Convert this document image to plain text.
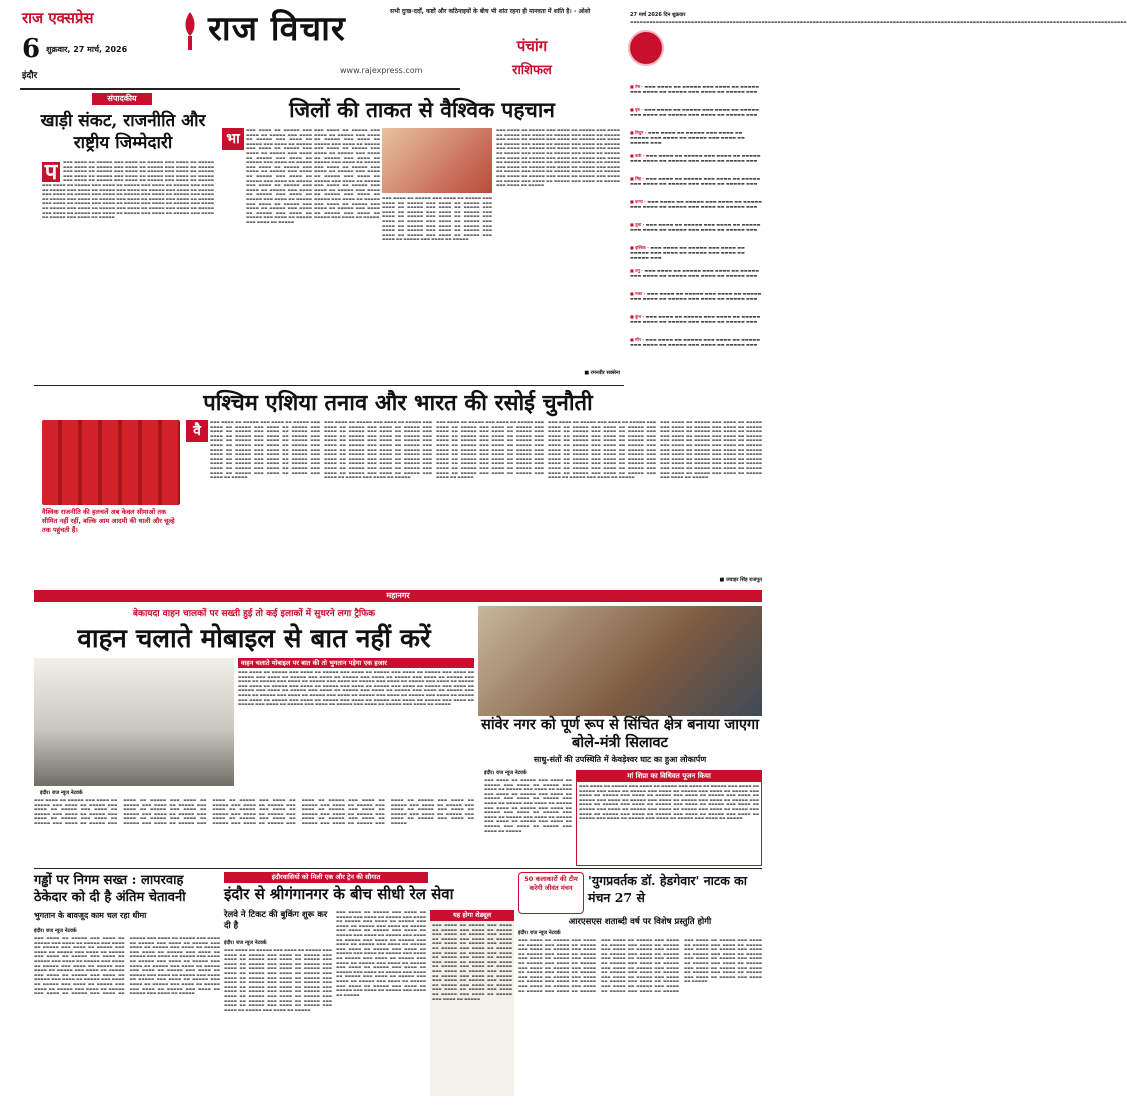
राज एक्सप्रेस
6 शुक्रवार, 27 मार्च, 2026
इंदौर
राज विचार
www.rajexpress.com
सभी दुःख-दर्दों, कष्टों और कठिनाइयों के बीच भी शांत रहना ही मानवता में शांति है। - ओशो
पंचांग
राशिफल
27 मार्च 2026 दिन शुक्रवार
▬▬▬▬▬▬▬▬▬▬▬▬▬▬▬▬▬▬▬▬▬▬▬▬▬▬▬▬▬▬▬▬▬▬▬▬▬▬▬▬▬▬▬▬▬▬▬▬▬▬▬▬▬▬▬▬▬▬▬▬▬▬▬▬▬▬▬▬▬▬▬▬▬▬▬▬▬▬▬▬▬▬▬▬▬▬▬▬▬▬▬▬▬▬▬▬▬▬▬▬▬▬▬▬▬▬▬▬▬▬▬▬▬▬▬▬▬▬▬▬▬▬▬▬▬▬▬▬▬▬▬▬▬▬▬▬▬▬▬▬▬▬▬▬▬▬▬▬▬▬▬▬▬▬▬
■ मेष - ▬▬▬ ▬▬▬▬ ▬▬ ▬▬▬▬▬ ▬▬▬ ▬▬▬▬ ▬▬ ▬▬▬▬▬ ▬▬▬ ▬▬▬▬ ▬▬ ▬▬▬▬▬ ▬▬▬ ▬▬▬▬ ▬▬ ▬▬▬▬▬ ▬▬▬
■ वृष - ▬▬▬ ▬▬▬▬ ▬▬ ▬▬▬▬▬ ▬▬▬ ▬▬▬▬ ▬▬ ▬▬▬▬▬ ▬▬▬ ▬▬▬▬ ▬▬ ▬▬▬▬▬ ▬▬▬ ▬▬▬▬ ▬▬ ▬▬▬▬▬ ▬▬▬
■ मिथुन - ▬▬▬ ▬▬▬▬ ▬▬ ▬▬▬▬▬ ▬▬▬ ▬▬▬▬ ▬▬ ▬▬▬▬▬ ▬▬▬ ▬▬▬▬ ▬▬ ▬▬▬▬▬ ▬▬▬ ▬▬▬▬ ▬▬ ▬▬▬▬▬ ▬▬▬
■ कर्क - ▬▬▬ ▬▬▬▬ ▬▬ ▬▬▬▬▬ ▬▬▬ ▬▬▬▬ ▬▬ ▬▬▬▬▬ ▬▬▬ ▬▬▬▬ ▬▬ ▬▬▬▬▬ ▬▬▬ ▬▬▬▬ ▬▬ ▬▬▬▬▬ ▬▬▬
■ सिंह - ▬▬▬ ▬▬▬▬ ▬▬ ▬▬▬▬▬ ▬▬▬ ▬▬▬▬ ▬▬ ▬▬▬▬▬ ▬▬▬ ▬▬▬▬ ▬▬ ▬▬▬▬▬ ▬▬▬ ▬▬▬▬ ▬▬ ▬▬▬▬▬ ▬▬▬
■ कन्या - ▬▬▬ ▬▬▬▬ ▬▬ ▬▬▬▬▬ ▬▬▬ ▬▬▬▬ ▬▬ ▬▬▬▬▬ ▬▬▬ ▬▬▬▬ ▬▬ ▬▬▬▬▬ ▬▬▬ ▬▬▬▬ ▬▬ ▬▬▬▬▬ ▬▬▬
■ तुला - ▬▬▬ ▬▬▬▬ ▬▬ ▬▬▬▬▬ ▬▬▬ ▬▬▬▬ ▬▬ ▬▬▬▬▬ ▬▬▬ ▬▬▬▬ ▬▬ ▬▬▬▬▬ ▬▬▬ ▬▬▬▬ ▬▬ ▬▬▬▬▬ ▬▬▬
■ वृश्चिक - ▬▬▬ ▬▬▬▬ ▬▬ ▬▬▬▬▬ ▬▬▬ ▬▬▬▬ ▬▬ ▬▬▬▬▬ ▬▬▬ ▬▬▬▬ ▬▬ ▬▬▬▬▬ ▬▬▬ ▬▬▬▬ ▬▬ ▬▬▬▬▬ ▬▬▬
■ धनु - ▬▬▬ ▬▬▬▬ ▬▬ ▬▬▬▬▬ ▬▬▬ ▬▬▬▬ ▬▬ ▬▬▬▬▬ ▬▬▬ ▬▬▬▬ ▬▬ ▬▬▬▬▬ ▬▬▬ ▬▬▬▬ ▬▬ ▬▬▬▬▬ ▬▬▬
■ मकर - ▬▬▬ ▬▬▬▬ ▬▬ ▬▬▬▬▬ ▬▬▬ ▬▬▬▬ ▬▬ ▬▬▬▬▬ ▬▬▬ ▬▬▬▬ ▬▬ ▬▬▬▬▬ ▬▬▬ ▬▬▬▬ ▬▬ ▬▬▬▬▬ ▬▬▬
■ कुंभ - ▬▬▬ ▬▬▬▬ ▬▬ ▬▬▬▬▬ ▬▬▬ ▬▬▬▬ ▬▬ ▬▬▬▬▬ ▬▬▬ ▬▬▬▬ ▬▬ ▬▬▬▬▬ ▬▬▬ ▬▬▬▬ ▬▬ ▬▬▬▬▬ ▬▬▬
■ मीन - ▬▬▬ ▬▬▬▬ ▬▬ ▬▬▬▬▬ ▬▬▬ ▬▬▬▬ ▬▬ ▬▬▬▬▬ ▬▬▬ ▬▬▬▬ ▬▬ ▬▬▬▬▬ ▬▬▬ ▬▬▬▬ ▬▬ ▬▬▬▬▬ ▬▬▬
संपादकीय
खाड़ी संकट, राजनीति और राष्ट्रीय जिम्मेदारी
प	▬▬▬ ▬▬▬▬ ▬▬ ▬▬▬▬▬ ▬▬▬ ▬▬▬▬ ▬▬ ▬▬▬▬▬ ▬▬▬ ▬▬▬▬ ▬▬ ▬▬▬▬▬ ▬▬▬ ▬▬▬▬ ▬▬ ▬▬▬▬▬ ▬▬▬ ▬▬▬▬ ▬▬ ▬▬▬▬▬ ▬▬▬ ▬▬▬▬ ▬▬ ▬▬▬▬▬ ▬▬▬ ▬▬▬▬ ▬▬ ▬▬▬▬▬ ▬▬▬ ▬▬▬▬ ▬▬ ▬▬▬▬▬ ▬▬▬ ▬▬▬▬ ▬▬ ▬▬▬▬▬ ▬▬▬ ▬▬▬▬ ▬▬ ▬▬▬▬▬ ▬▬▬ ▬▬▬▬ ▬▬ ▬▬▬▬▬ ▬▬▬ ▬▬▬▬ ▬▬ ▬▬▬▬▬ ▬▬▬ ▬▬▬▬ ▬▬ ▬▬▬▬▬ ▬▬▬ ▬▬▬▬ ▬▬ ▬▬▬▬▬ ▬▬▬ ▬▬▬▬ ▬▬ ▬▬▬▬▬ ▬▬▬ ▬▬▬▬ ▬▬ ▬▬▬▬▬ ▬▬▬ ▬▬▬▬ ▬▬ ▬▬▬▬▬ ▬▬▬ ▬▬▬▬ ▬▬ ▬▬▬▬▬ ▬▬▬ ▬▬▬▬ ▬▬ ▬▬▬▬▬ ▬▬▬ ▬▬▬▬ ▬▬ ▬▬▬▬▬ ▬▬▬ ▬▬▬▬ ▬▬ ▬▬▬▬▬ ▬▬▬ ▬▬▬▬ ▬▬ ▬▬▬▬▬ ▬▬▬ ▬▬▬▬ ▬▬ ▬▬▬▬▬ ▬▬▬ ▬▬▬▬ ▬▬ ▬▬▬▬▬ ▬▬▬ ▬▬▬▬ ▬▬ ▬▬▬▬▬ ▬▬▬ ▬▬▬▬ ▬▬ ▬▬▬▬▬ ▬▬▬ ▬▬▬▬ ▬▬ ▬▬▬▬▬ ▬▬▬ ▬▬▬▬ ▬▬ ▬▬▬▬▬ ▬▬▬ ▬▬▬▬ ▬▬ ▬▬▬▬▬ ▬▬▬ ▬▬▬▬ ▬▬ ▬▬▬▬▬ ▬▬▬ ▬▬▬▬ ▬▬ ▬▬▬▬▬ ▬▬▬ ▬▬▬▬ ▬▬ ▬▬▬▬▬ ▬▬▬ ▬▬▬▬ ▬▬ ▬▬▬▬▬ ▬▬▬ ▬▬▬▬ ▬▬ ▬▬▬▬▬ ▬▬▬ ▬▬▬▬ ▬▬ ▬▬▬▬▬ ▬▬▬ ▬▬▬▬ ▬▬ ▬▬▬▬▬ ▬▬▬ ▬▬▬▬ ▬▬ ▬▬▬▬▬ ▬▬▬ ▬▬▬▬ ▬▬ ▬▬▬▬▬ ▬▬▬ ▬▬▬▬ ▬▬ ▬▬▬▬▬ ▬▬▬ ▬▬▬▬ ▬▬ ▬▬▬▬▬ ▬▬▬ ▬▬▬▬ ▬▬ ▬▬▬▬▬
जिलों की ताकत से वैश्विक पहचान
भा
▬▬▬ ▬▬▬▬ ▬▬ ▬▬▬▬▬ ▬▬▬ ▬▬▬▬ ▬▬ ▬▬▬▬▬ ▬▬▬ ▬▬▬▬ ▬▬ ▬▬▬▬▬ ▬▬▬ ▬▬▬▬ ▬▬ ▬▬▬▬▬ ▬▬▬ ▬▬▬▬ ▬▬ ▬▬▬▬▬ ▬▬▬ ▬▬▬▬ ▬▬ ▬▬▬▬▬ ▬▬▬ ▬▬▬▬ ▬▬ ▬▬▬▬▬ ▬▬▬ ▬▬▬▬ ▬▬ ▬▬▬▬▬ ▬▬▬ ▬▬▬▬ ▬▬ ▬▬▬▬▬ ▬▬▬ ▬▬▬▬ ▬▬ ▬▬▬▬▬ ▬▬▬ ▬▬▬▬ ▬▬ ▬▬▬▬▬ ▬▬▬ ▬▬▬▬ ▬▬ ▬▬▬▬▬ ▬▬▬ ▬▬▬▬ ▬▬ ▬▬▬▬▬ ▬▬▬ ▬▬▬▬ ▬▬ ▬▬▬▬▬ ▬▬▬ ▬▬▬▬ ▬▬ ▬▬▬▬▬ ▬▬▬ ▬▬▬▬ ▬▬ ▬▬▬▬▬ ▬▬▬ ▬▬▬▬ ▬▬ ▬▬▬▬▬ ▬▬▬ ▬▬▬▬ ▬▬ ▬▬▬▬▬ ▬▬▬ ▬▬▬▬ ▬▬ ▬▬▬▬▬ ▬▬▬ ▬▬▬▬ ▬▬ ▬▬▬▬▬ ▬▬▬ ▬▬▬▬ ▬▬ ▬▬▬▬▬ ▬▬▬ ▬▬▬▬ ▬▬ ▬▬▬▬▬ ▬▬▬ ▬▬▬▬ ▬▬ ▬▬▬▬▬ ▬▬▬ ▬▬▬▬ ▬▬ ▬▬▬▬▬ ▬▬▬ ▬▬▬▬ ▬▬ ▬▬▬▬▬ ▬▬▬ ▬▬▬▬ ▬▬ ▬▬▬▬▬
▬▬▬ ▬▬▬▬ ▬▬ ▬▬▬▬▬ ▬▬▬ ▬▬▬▬ ▬▬ ▬▬▬▬▬ ▬▬▬ ▬▬▬▬ ▬▬ ▬▬▬▬▬ ▬▬▬ ▬▬▬▬ ▬▬ ▬▬▬▬▬ ▬▬▬ ▬▬▬▬ ▬▬ ▬▬▬▬▬ ▬▬▬ ▬▬▬▬ ▬▬ ▬▬▬▬▬ ▬▬▬ ▬▬▬▬ ▬▬ ▬▬▬▬▬ ▬▬▬ ▬▬▬▬ ▬▬ ▬▬▬▬▬ ▬▬▬ ▬▬▬▬ ▬▬ ▬▬▬▬▬ ▬▬▬ ▬▬▬▬ ▬▬ ▬▬▬▬▬ ▬▬▬ ▬▬▬▬ ▬▬ ▬▬▬▬▬ ▬▬▬ ▬▬▬▬ ▬▬ ▬▬▬▬▬ ▬▬▬ ▬▬▬▬ ▬▬ ▬▬▬▬▬ ▬▬▬ ▬▬▬▬ ▬▬ ▬▬▬▬▬ ▬▬▬ ▬▬▬▬ ▬▬ ▬▬▬▬▬ ▬▬▬ ▬▬▬▬ ▬▬ ▬▬▬▬▬ ▬▬▬ ▬▬▬▬ ▬▬ ▬▬▬▬▬ ▬▬▬ ▬▬▬▬ ▬▬ ▬▬▬▬▬ ▬▬▬ ▬▬▬▬ ▬▬ ▬▬▬▬▬ ▬▬▬ ▬▬▬▬ ▬▬ ▬▬▬▬▬ ▬▬▬ ▬▬▬▬ ▬▬ ▬▬▬▬▬ ▬▬▬ ▬▬▬▬ ▬▬ ▬▬▬▬▬ ▬▬▬ ▬▬▬▬ ▬▬ ▬▬▬▬▬ ▬▬▬ ▬▬▬▬ ▬▬ ▬▬▬▬▬ ▬▬▬ ▬▬▬▬ ▬▬ ▬▬▬▬▬
▬▬▬ ▬▬▬▬ ▬▬ ▬▬▬▬▬ ▬▬▬ ▬▬▬▬ ▬▬ ▬▬▬▬▬ ▬▬▬ ▬▬▬▬ ▬▬ ▬▬▬▬▬ ▬▬▬ ▬▬▬▬ ▬▬ ▬▬▬▬▬ ▬▬▬ ▬▬▬▬ ▬▬ ▬▬▬▬▬ ▬▬▬ ▬▬▬▬ ▬▬ ▬▬▬▬▬ ▬▬▬ ▬▬▬▬ ▬▬ ▬▬▬▬▬ ▬▬▬ ▬▬▬▬ ▬▬ ▬▬▬▬▬ ▬▬▬ ▬▬▬▬ ▬▬ ▬▬▬▬▬ ▬▬▬ ▬▬▬▬ ▬▬ ▬▬▬▬▬ ▬▬▬ ▬▬▬▬ ▬▬ ▬▬▬▬▬ ▬▬▬ ▬▬▬▬ ▬▬ ▬▬▬▬▬ ▬▬▬ ▬▬▬▬ ▬▬ ▬▬▬▬▬ ▬▬▬ ▬▬▬▬ ▬▬ ▬▬▬▬▬ ▬▬▬ ▬▬▬▬ ▬▬ ▬▬▬▬▬ ▬▬▬ ▬▬▬▬ ▬▬ ▬▬▬▬▬ ▬▬▬ ▬▬▬▬ ▬▬ ▬▬▬▬▬ ▬▬▬ ▬▬▬▬ ▬▬ ▬▬▬▬▬ ▬▬▬ ▬▬▬▬ ▬▬ ▬▬▬▬▬ ▬▬▬ ▬▬▬▬ ▬▬ ▬▬▬▬▬
▬▬▬ ▬▬▬▬ ▬▬ ▬▬▬▬▬ ▬▬▬ ▬▬▬▬ ▬▬ ▬▬▬▬▬ ▬▬▬ ▬▬▬▬ ▬▬ ▬▬▬▬▬ ▬▬▬ ▬▬▬▬ ▬▬ ▬▬▬▬▬ ▬▬▬ ▬▬▬▬ ▬▬ ▬▬▬▬▬ ▬▬▬ ▬▬▬▬ ▬▬ ▬▬▬▬▬ ▬▬▬ ▬▬▬▬ ▬▬ ▬▬▬▬▬ ▬▬▬ ▬▬▬▬ ▬▬ ▬▬▬▬▬ ▬▬▬ ▬▬▬▬ ▬▬ ▬▬▬▬▬ ▬▬▬ ▬▬▬▬ ▬▬ ▬▬▬▬▬ ▬▬▬ ▬▬▬▬ ▬▬ ▬▬▬▬▬ ▬▬▬ ▬▬▬▬ ▬▬ ▬▬▬▬▬ ▬▬▬ ▬▬▬▬ ▬▬ ▬▬▬▬▬ ▬▬▬ ▬▬▬▬ ▬▬ ▬▬▬▬▬ ▬▬▬ ▬▬▬▬ ▬▬ ▬▬▬▬▬ ▬▬▬ ▬▬▬▬ ▬▬ ▬▬▬▬▬ ▬▬▬ ▬▬▬▬ ▬▬ ▬▬▬▬▬ ▬▬▬ ▬▬▬▬ ▬▬ ▬▬▬▬▬ ▬▬▬ ▬▬▬▬ ▬▬ ▬▬▬▬▬ ▬▬▬ ▬▬▬▬ ▬▬ ▬▬▬▬▬ ▬▬▬ ▬▬▬▬ ▬▬ ▬▬▬▬▬ ▬▬▬ ▬▬▬▬ ▬▬ ▬▬▬▬▬ ▬▬▬ ▬▬▬▬ ▬▬ ▬▬▬▬▬ ▬▬▬ ▬▬▬▬ ▬▬ ▬▬▬▬▬ ▬▬▬ ▬▬▬▬ ▬▬ ▬▬▬▬▬ ▬▬▬ ▬▬▬▬ ▬▬ ▬▬▬▬▬ ▬▬▬ ▬▬▬▬ ▬▬ ▬▬▬▬▬ ▬▬▬ ▬▬▬▬ ▬▬ ▬▬▬▬▬ ▬▬▬ ▬▬▬▬ ▬▬ ▬▬▬▬▬ ▬▬▬ ▬▬▬▬ ▬▬ ▬▬▬▬▬ ▬▬▬ ▬▬▬▬ ▬▬ ▬▬▬▬▬
■ रमनवीर सक्सेना
पश्चिम एशिया तनाव और भारत की रसोई चुनौती
वैश्विक राजनीति की हलचलें अब केवल सीमाओं तक सीमित नहीं रहीं, बल्कि आम आदमी की थाली और चूल्हे तक पहुंचती हैं।
वै
▬▬▬ ▬▬▬▬ ▬▬ ▬▬▬▬▬ ▬▬▬ ▬▬▬▬ ▬▬ ▬▬▬▬▬ ▬▬▬ ▬▬▬▬ ▬▬ ▬▬▬▬▬ ▬▬▬ ▬▬▬▬ ▬▬ ▬▬▬▬▬ ▬▬▬ ▬▬▬▬ ▬▬ ▬▬▬▬▬ ▬▬▬ ▬▬▬▬ ▬▬ ▬▬▬▬▬ ▬▬▬ ▬▬▬▬ ▬▬ ▬▬▬▬▬ ▬▬▬ ▬▬▬▬ ▬▬ ▬▬▬▬▬ ▬▬▬ ▬▬▬▬ ▬▬ ▬▬▬▬▬ ▬▬▬ ▬▬▬▬ ▬▬ ▬▬▬▬▬ ▬▬▬ ▬▬▬▬ ▬▬ ▬▬▬▬▬ ▬▬▬ ▬▬▬▬ ▬▬ ▬▬▬▬▬ ▬▬▬ ▬▬▬▬ ▬▬ ▬▬▬▬▬ ▬▬▬ ▬▬▬▬ ▬▬ ▬▬▬▬▬ ▬▬▬ ▬▬▬▬ ▬▬ ▬▬▬▬▬ ▬▬▬ ▬▬▬▬ ▬▬ ▬▬▬▬▬ ▬▬▬ ▬▬▬▬ ▬▬ ▬▬▬▬▬ ▬▬▬ ▬▬▬▬ ▬▬ ▬▬▬▬▬ ▬▬▬ ▬▬▬▬ ▬▬ ▬▬▬▬▬ ▬▬▬ ▬▬▬▬ ▬▬ ▬▬▬▬▬ ▬▬▬ ▬▬▬▬ ▬▬ ▬▬▬▬▬ ▬▬▬ ▬▬▬▬ ▬▬ ▬▬▬▬▬ ▬▬▬ ▬▬▬▬ ▬▬ ▬▬▬▬▬ ▬▬▬ ▬▬▬▬ ▬▬ ▬▬▬▬▬ ▬▬▬ ▬▬▬▬ ▬▬ ▬▬▬▬▬
▬▬▬ ▬▬▬▬ ▬▬ ▬▬▬▬▬ ▬▬▬ ▬▬▬▬ ▬▬ ▬▬▬▬▬ ▬▬▬ ▬▬▬▬ ▬▬ ▬▬▬▬▬ ▬▬▬ ▬▬▬▬ ▬▬ ▬▬▬▬▬ ▬▬▬ ▬▬▬▬ ▬▬ ▬▬▬▬▬ ▬▬▬ ▬▬▬▬ ▬▬ ▬▬▬▬▬ ▬▬▬ ▬▬▬▬ ▬▬ ▬▬▬▬▬ ▬▬▬ ▬▬▬▬ ▬▬ ▬▬▬▬▬ ▬▬▬ ▬▬▬▬ ▬▬ ▬▬▬▬▬ ▬▬▬ ▬▬▬▬ ▬▬ ▬▬▬▬▬ ▬▬▬ ▬▬▬▬ ▬▬ ▬▬▬▬▬ ▬▬▬ ▬▬▬▬ ▬▬ ▬▬▬▬▬ ▬▬▬ ▬▬▬▬ ▬▬ ▬▬▬▬▬ ▬▬▬ ▬▬▬▬ ▬▬ ▬▬▬▬▬ ▬▬▬ ▬▬▬▬ ▬▬ ▬▬▬▬▬ ▬▬▬ ▬▬▬▬ ▬▬ ▬▬▬▬▬ ▬▬▬ ▬▬▬▬ ▬▬ ▬▬▬▬▬ ▬▬▬ ▬▬▬▬ ▬▬ ▬▬▬▬▬ ▬▬▬ ▬▬▬▬ ▬▬ ▬▬▬▬▬ ▬▬▬ ▬▬▬▬ ▬▬ ▬▬▬▬▬ ▬▬▬ ▬▬▬▬ ▬▬ ▬▬▬▬▬ ▬▬▬ ▬▬▬▬ ▬▬ ▬▬▬▬▬ ▬▬▬ ▬▬▬▬ ▬▬ ▬▬▬▬▬ ▬▬▬ ▬▬▬▬ ▬▬ ▬▬▬▬▬ ▬▬▬ ▬▬▬▬ ▬▬ ▬▬▬▬▬ ▬▬▬ ▬▬▬▬ ▬▬ ▬▬▬▬▬
▬▬▬ ▬▬▬▬ ▬▬ ▬▬▬▬▬ ▬▬▬ ▬▬▬▬ ▬▬ ▬▬▬▬▬ ▬▬▬ ▬▬▬▬ ▬▬ ▬▬▬▬▬ ▬▬▬ ▬▬▬▬ ▬▬ ▬▬▬▬▬ ▬▬▬ ▬▬▬▬ ▬▬ ▬▬▬▬▬ ▬▬▬ ▬▬▬▬ ▬▬ ▬▬▬▬▬ ▬▬▬ ▬▬▬▬ ▬▬ ▬▬▬▬▬ ▬▬▬ ▬▬▬▬ ▬▬ ▬▬▬▬▬ ▬▬▬ ▬▬▬▬ ▬▬ ▬▬▬▬▬ ▬▬▬ ▬▬▬▬ ▬▬ ▬▬▬▬▬ ▬▬▬ ▬▬▬▬ ▬▬ ▬▬▬▬▬ ▬▬▬ ▬▬▬▬ ▬▬ ▬▬▬▬▬ ▬▬▬ ▬▬▬▬ ▬▬ ▬▬▬▬▬ ▬▬▬ ▬▬▬▬ ▬▬ ▬▬▬▬▬ ▬▬▬ ▬▬▬▬ ▬▬ ▬▬▬▬▬ ▬▬▬ ▬▬▬▬ ▬▬ ▬▬▬▬▬ ▬▬▬ ▬▬▬▬ ▬▬ ▬▬▬▬▬ ▬▬▬ ▬▬▬▬ ▬▬ ▬▬▬▬▬ ▬▬▬ ▬▬▬▬ ▬▬ ▬▬▬▬▬ ▬▬▬ ▬▬▬▬ ▬▬ ▬▬▬▬▬ ▬▬▬ ▬▬▬▬ ▬▬ ▬▬▬▬▬ ▬▬▬ ▬▬▬▬ ▬▬ ▬▬▬▬▬ ▬▬▬ ▬▬▬▬ ▬▬ ▬▬▬▬▬ ▬▬▬ ▬▬▬▬ ▬▬ ▬▬▬▬▬ ▬▬▬ ▬▬▬▬ ▬▬ ▬▬▬▬▬
▬▬▬ ▬▬▬▬ ▬▬ ▬▬▬▬▬ ▬▬▬ ▬▬▬▬ ▬▬ ▬▬▬▬▬ ▬▬▬ ▬▬▬▬ ▬▬ ▬▬▬▬▬ ▬▬▬ ▬▬▬▬ ▬▬ ▬▬▬▬▬ ▬▬▬ ▬▬▬▬ ▬▬ ▬▬▬▬▬ ▬▬▬ ▬▬▬▬ ▬▬ ▬▬▬▬▬ ▬▬▬ ▬▬▬▬ ▬▬ ▬▬▬▬▬ ▬▬▬ ▬▬▬▬ ▬▬ ▬▬▬▬▬ ▬▬▬ ▬▬▬▬ ▬▬ ▬▬▬▬▬ ▬▬▬ ▬▬▬▬ ▬▬ ▬▬▬▬▬ ▬▬▬ ▬▬▬▬ ▬▬ ▬▬▬▬▬ ▬▬▬ ▬▬▬▬ ▬▬ ▬▬▬▬▬ ▬▬▬ ▬▬▬▬ ▬▬ ▬▬▬▬▬ ▬▬▬ ▬▬▬▬ ▬▬ ▬▬▬▬▬ ▬▬▬ ▬▬▬▬ ▬▬ ▬▬▬▬▬ ▬▬▬ ▬▬▬▬ ▬▬ ▬▬▬▬▬ ▬▬▬ ▬▬▬▬ ▬▬ ▬▬▬▬▬ ▬▬▬ ▬▬▬▬ ▬▬ ▬▬▬▬▬ ▬▬▬ ▬▬▬▬ ▬▬ ▬▬▬▬▬ ▬▬▬ ▬▬▬▬ ▬▬ ▬▬▬▬▬ ▬▬▬ ▬▬▬▬ ▬▬ ▬▬▬▬▬ ▬▬▬ ▬▬▬▬ ▬▬ ▬▬▬▬▬ ▬▬▬ ▬▬▬▬ ▬▬ ▬▬▬▬▬ ▬▬▬ ▬▬▬▬ ▬▬ ▬▬▬▬▬ ▬▬▬ ▬▬▬▬ ▬▬ ▬▬▬▬▬ ▬▬▬ ▬▬▬▬ ▬▬ ▬▬▬▬▬
▬▬▬ ▬▬▬▬ ▬▬ ▬▬▬▬▬ ▬▬▬ ▬▬▬▬ ▬▬ ▬▬▬▬▬ ▬▬▬ ▬▬▬▬ ▬▬ ▬▬▬▬▬ ▬▬▬ ▬▬▬▬ ▬▬ ▬▬▬▬▬ ▬▬▬ ▬▬▬▬ ▬▬ ▬▬▬▬▬ ▬▬▬ ▬▬▬▬ ▬▬ ▬▬▬▬▬ ▬▬▬ ▬▬▬▬ ▬▬ ▬▬▬▬▬ ▬▬▬ ▬▬▬▬ ▬▬ ▬▬▬▬▬ ▬▬▬ ▬▬▬▬ ▬▬ ▬▬▬▬▬ ▬▬▬ ▬▬▬▬ ▬▬ ▬▬▬▬▬ ▬▬▬ ▬▬▬▬ ▬▬ ▬▬▬▬▬ ▬▬▬ ▬▬▬▬ ▬▬ ▬▬▬▬▬ ▬▬▬ ▬▬▬▬ ▬▬ ▬▬▬▬▬ ▬▬▬ ▬▬▬▬ ▬▬ ▬▬▬▬▬ ▬▬▬ ▬▬▬▬ ▬▬ ▬▬▬▬▬ ▬▬▬ ▬▬▬▬ ▬▬ ▬▬▬▬▬ ▬▬▬ ▬▬▬▬ ▬▬ ▬▬▬▬▬ ▬▬▬ ▬▬▬▬ ▬▬ ▬▬▬▬▬ ▬▬▬ ▬▬▬▬ ▬▬ ▬▬▬▬▬ ▬▬▬ ▬▬▬▬ ▬▬ ▬▬▬▬▬ ▬▬▬ ▬▬▬▬ ▬▬ ▬▬▬▬▬ ▬▬▬ ▬▬▬▬ ▬▬ ▬▬▬▬▬ ▬▬▬ ▬▬▬▬ ▬▬ ▬▬▬▬▬ ▬▬▬ ▬▬▬▬ ▬▬ ▬▬▬▬▬ ▬▬▬ ▬▬▬▬ ▬▬ ▬▬▬▬▬
■ जवाहर सिंह राजपूत
महानगर
बेकायदा वाहन चालकों पर सख्ती हुई तो कई इलाकों में सुधरने लगा ट्रैफिक
वाहन चलाते मोबाइल से बात नहीं करें
इंदौर। राज न्यूज नेटवर्क
वाहन चलाते मोबाइल पर बात की तो भुगतान पड़ेगा एक हजार
▬▬▬ ▬▬▬▬ ▬▬ ▬▬▬▬▬ ▬▬▬ ▬▬▬▬ ▬▬ ▬▬▬▬▬ ▬▬▬ ▬▬▬▬ ▬▬ ▬▬▬▬▬ ▬▬▬ ▬▬▬▬ ▬▬ ▬▬▬▬▬ ▬▬▬ ▬▬▬▬ ▬▬ ▬▬▬▬▬ ▬▬▬ ▬▬▬▬ ▬▬ ▬▬▬▬▬ ▬▬▬ ▬▬▬▬ ▬▬ ▬▬▬▬▬ ▬▬▬ ▬▬▬▬ ▬▬ ▬▬▬▬▬ ▬▬▬ ▬▬▬▬ ▬▬ ▬▬▬▬▬ ▬▬▬ ▬▬▬▬ ▬▬ ▬▬▬▬▬ ▬▬▬ ▬▬▬▬ ▬▬ ▬▬▬▬▬ ▬▬▬ ▬▬▬▬ ▬▬ ▬▬▬▬▬ ▬▬▬ ▬▬▬▬ ▬▬ ▬▬▬▬▬ ▬▬▬ ▬▬▬▬ ▬▬ ▬▬▬▬▬ ▬▬▬ ▬▬▬▬ ▬▬ ▬▬▬▬▬ ▬▬▬ ▬▬▬▬ ▬▬ ▬▬▬▬▬ ▬▬▬ ▬▬▬▬ ▬▬ ▬▬▬▬▬ ▬▬▬ ▬▬▬▬ ▬▬ ▬▬▬▬▬ ▬▬▬ ▬▬▬▬ ▬▬ ▬▬▬▬▬ ▬▬▬ ▬▬▬▬ ▬▬ ▬▬▬▬▬ ▬▬▬ ▬▬▬▬ ▬▬ ▬▬▬▬▬ ▬▬▬ ▬▬▬▬ ▬▬ ▬▬▬▬▬ ▬▬▬ ▬▬▬▬ ▬▬ ▬▬▬▬▬ ▬▬▬ ▬▬▬▬ ▬▬ ▬▬▬▬▬ ▬▬▬ ▬▬▬▬ ▬▬ ▬▬▬▬▬ ▬▬▬ ▬▬▬▬ ▬▬ ▬▬▬▬▬ ▬▬▬ ▬▬▬▬ ▬▬ ▬▬▬▬▬ ▬▬▬ ▬▬▬▬ ▬▬ ▬▬▬▬▬ ▬▬▬ ▬▬▬▬ ▬▬ ▬▬▬▬▬ ▬▬▬ ▬▬▬▬ ▬▬ ▬▬▬▬▬ ▬▬▬ ▬▬▬▬ ▬▬ ▬▬▬▬▬ ▬▬▬ ▬▬▬▬ ▬▬ ▬▬▬▬▬ ▬▬▬ ▬▬▬▬ ▬▬ ▬▬▬▬▬ ▬▬▬ ▬▬▬▬ ▬▬ ▬▬▬▬▬ ▬▬▬ ▬▬▬▬ ▬▬ ▬▬▬▬▬ ▬▬▬ ▬▬▬▬ ▬▬ ▬▬▬▬▬ ▬▬▬ ▬▬▬▬ ▬▬ ▬▬▬▬▬
▬▬▬ ▬▬▬▬ ▬▬ ▬▬▬▬▬ ▬▬▬ ▬▬▬▬ ▬▬ ▬▬▬▬▬ ▬▬▬ ▬▬▬▬ ▬▬ ▬▬▬▬▬ ▬▬▬ ▬▬▬▬ ▬▬ ▬▬▬▬▬ ▬▬▬ ▬▬▬▬ ▬▬ ▬▬▬▬▬ ▬▬▬ ▬▬▬▬ ▬▬ ▬▬▬▬▬ ▬▬▬ ▬▬▬▬ ▬▬ ▬▬▬▬▬ ▬▬▬ ▬▬▬▬ ▬▬ ▬▬▬▬▬ ▬▬▬ ▬▬▬▬ ▬▬ ▬▬▬▬▬ ▬▬▬ ▬▬▬▬ ▬▬ ▬▬▬▬▬ ▬▬▬ ▬▬▬▬ ▬▬ ▬▬▬▬▬ ▬▬▬ ▬▬▬▬ ▬▬ ▬▬▬▬▬ ▬▬▬ ▬▬▬▬ ▬▬ ▬▬▬▬▬ ▬▬▬ ▬▬▬▬ ▬▬ ▬▬▬▬▬ ▬▬▬ ▬▬▬▬ ▬▬ ▬▬▬▬▬ ▬▬▬ ▬▬▬▬ ▬▬ ▬▬▬▬▬ ▬▬▬ ▬▬▬▬ ▬▬ ▬▬▬▬▬ ▬▬▬ ▬▬▬▬ ▬▬ ▬▬▬▬▬ ▬▬▬ ▬▬▬▬ ▬▬ ▬▬▬▬▬ ▬▬▬ ▬▬▬▬ ▬▬ ▬▬▬▬▬ ▬▬▬ ▬▬▬▬ ▬▬ ▬▬▬▬▬ ▬▬▬ ▬▬▬▬ ▬▬ ▬▬▬▬▬ ▬▬▬ ▬▬▬▬ ▬▬ ▬▬▬▬▬ ▬▬▬ ▬▬▬▬ ▬▬ ▬▬▬▬▬ ▬▬▬ ▬▬▬▬ ▬▬ ▬▬▬▬▬ ▬▬▬ ▬▬▬▬ ▬▬ ▬▬▬▬▬ ▬▬▬ ▬▬▬▬ ▬▬ ▬▬▬▬▬ ▬▬▬ ▬▬▬▬ ▬▬ ▬▬▬▬▬ ▬▬▬ ▬▬▬▬ ▬▬ ▬▬▬▬▬ ▬▬▬ ▬▬▬▬ ▬▬ ▬▬▬▬▬ ▬▬▬ ▬▬▬▬ ▬▬ ▬▬▬▬▬ ▬▬▬ ▬▬▬▬ ▬▬ ▬▬▬▬▬ ▬▬▬ ▬▬▬▬ ▬▬ ▬▬▬▬▬ ▬▬▬ ▬▬▬▬ ▬▬ ▬▬▬▬▬ ▬▬▬ ▬▬▬▬ ▬▬ ▬▬▬▬▬ ▬▬▬ ▬▬▬▬ ▬▬ ▬▬▬▬▬ ▬▬▬ ▬▬▬▬ ▬▬ ▬▬▬▬▬ ▬▬▬ ▬▬▬▬ ▬▬ ▬▬▬▬▬ ▬▬▬ ▬▬▬▬ ▬▬ ▬▬▬▬▬ ▬▬▬ ▬▬▬▬ ▬▬ ▬▬▬▬▬ ▬▬▬ ▬▬▬▬ ▬▬ ▬▬▬▬▬ ▬▬▬ ▬▬▬▬ ▬▬ ▬▬▬▬▬ ▬▬▬ ▬▬▬▬ ▬▬ ▬▬▬▬▬ ▬▬▬ ▬▬▬▬ ▬▬ ▬▬▬▬▬
सांवेर नगर को पूर्ण रूप से सिंचित क्षेत्र बनाया जाएगा बोले-मंत्री सिलावट
साधु-संतों की उपस्थिति में केवड़ेश्वर घाट का हुआ लोकार्पण
इंदौर। राज न्यूज नेटवर्क
▬▬▬ ▬▬▬▬ ▬▬ ▬▬▬▬▬ ▬▬▬ ▬▬▬▬ ▬▬ ▬▬▬▬▬ ▬▬▬ ▬▬▬▬ ▬▬ ▬▬▬▬▬ ▬▬▬ ▬▬▬▬ ▬▬ ▬▬▬▬▬ ▬▬▬ ▬▬▬▬ ▬▬ ▬▬▬▬▬ ▬▬▬ ▬▬▬▬ ▬▬ ▬▬▬▬▬ ▬▬▬ ▬▬▬▬ ▬▬ ▬▬▬▬▬ ▬▬▬ ▬▬▬▬ ▬▬ ▬▬▬▬▬ ▬▬▬ ▬▬▬▬ ▬▬ ▬▬▬▬▬ ▬▬▬ ▬▬▬▬ ▬▬ ▬▬▬▬▬ ▬▬▬ ▬▬▬▬ ▬▬ ▬▬▬▬▬ ▬▬▬ ▬▬▬▬ ▬▬ ▬▬▬▬▬ ▬▬▬ ▬▬▬▬ ▬▬ ▬▬▬▬▬ ▬▬▬ ▬▬▬▬ ▬▬ ▬▬▬▬▬ ▬▬▬ ▬▬▬▬ ▬▬ ▬▬▬▬▬ ▬▬▬ ▬▬▬▬ ▬▬ ▬▬▬▬▬ ▬▬▬ ▬▬▬▬ ▬▬ ▬▬▬▬▬ ▬▬▬ ▬▬▬▬ ▬▬ ▬▬▬▬▬ ▬▬▬ ▬▬▬▬ ▬▬ ▬▬▬▬▬
मां शिप्रा का विधिवत पूजन किया
▬▬▬ ▬▬▬▬ ▬▬ ▬▬▬▬▬ ▬▬▬ ▬▬▬▬ ▬▬ ▬▬▬▬▬ ▬▬▬ ▬▬▬▬ ▬▬ ▬▬▬▬▬ ▬▬▬ ▬▬▬▬ ▬▬ ▬▬▬▬▬ ▬▬▬ ▬▬▬▬ ▬▬ ▬▬▬▬▬ ▬▬▬ ▬▬▬▬ ▬▬ ▬▬▬▬▬ ▬▬▬ ▬▬▬▬ ▬▬ ▬▬▬▬▬ ▬▬▬ ▬▬▬▬ ▬▬ ▬▬▬▬▬ ▬▬▬ ▬▬▬▬ ▬▬ ▬▬▬▬▬ ▬▬▬ ▬▬▬▬ ▬▬ ▬▬▬▬▬ ▬▬▬ ▬▬▬▬ ▬▬ ▬▬▬▬▬ ▬▬▬ ▬▬▬▬ ▬▬ ▬▬▬▬▬ ▬▬▬ ▬▬▬▬ ▬▬ ▬▬▬▬▬ ▬▬▬ ▬▬▬▬ ▬▬ ▬▬▬▬▬ ▬▬▬ ▬▬▬▬ ▬▬ ▬▬▬▬▬ ▬▬▬ ▬▬▬▬ ▬▬ ▬▬▬▬▬ ▬▬▬ ▬▬▬▬ ▬▬ ▬▬▬▬▬ ▬▬▬ ▬▬▬▬ ▬▬ ▬▬▬▬▬ ▬▬▬ ▬▬▬▬ ▬▬ ▬▬▬▬▬ ▬▬▬ ▬▬▬▬ ▬▬ ▬▬▬▬▬ ▬▬▬ ▬▬▬▬ ▬▬ ▬▬▬▬▬ ▬▬▬ ▬▬▬▬ ▬▬ ▬▬▬▬▬ ▬▬▬ ▬▬▬▬ ▬▬ ▬▬▬▬▬ ▬▬▬ ▬▬▬▬ ▬▬ ▬▬▬▬▬ ▬▬▬ ▬▬▬▬ ▬▬ ▬▬▬▬▬ ▬▬▬ ▬▬▬▬ ▬▬ ▬▬▬▬▬ ▬▬▬ ▬▬▬▬ ▬▬ ▬▬▬▬▬ ▬▬▬ ▬▬▬▬ ▬▬ ▬▬▬▬▬
गड्ढों पर निगम सख्त : लापरवाह ठेकेदार को दी है अंतिम चेतावनी
भुगतान के बावजूद काम चल रहा धीमा
इंदौर। राज न्यूज नेटवर्क
▬▬▬ ▬▬▬▬ ▬▬ ▬▬▬▬▬ ▬▬▬ ▬▬▬▬ ▬▬ ▬▬▬▬▬ ▬▬▬ ▬▬▬▬ ▬▬ ▬▬▬▬▬ ▬▬▬ ▬▬▬▬ ▬▬ ▬▬▬▬▬ ▬▬▬ ▬▬▬▬ ▬▬ ▬▬▬▬▬ ▬▬▬ ▬▬▬▬ ▬▬ ▬▬▬▬▬ ▬▬▬ ▬▬▬▬ ▬▬ ▬▬▬▬▬ ▬▬▬ ▬▬▬▬ ▬▬ ▬▬▬▬▬ ▬▬▬ ▬▬▬▬ ▬▬ ▬▬▬▬▬ ▬▬▬ ▬▬▬▬ ▬▬ ▬▬▬▬▬ ▬▬▬ ▬▬▬▬ ▬▬ ▬▬▬▬▬ ▬▬▬ ▬▬▬▬ ▬▬ ▬▬▬▬▬ ▬▬▬ ▬▬▬▬ ▬▬ ▬▬▬▬▬ ▬▬▬ ▬▬▬▬ ▬▬ ▬▬▬▬▬ ▬▬▬ ▬▬▬▬ ▬▬ ▬▬▬▬▬ ▬▬▬ ▬▬▬▬ ▬▬ ▬▬▬▬▬ ▬▬▬ ▬▬▬▬ ▬▬ ▬▬▬▬▬ ▬▬▬ ▬▬▬▬ ▬▬ ▬▬▬▬▬ ▬▬▬ ▬▬▬▬ ▬▬ ▬▬▬▬▬ ▬▬▬ ▬▬▬▬ ▬▬ ▬▬▬▬▬ ▬▬▬ ▬▬▬▬ ▬▬ ▬▬▬▬▬ ▬▬▬ ▬▬▬▬ ▬▬ ▬▬▬▬▬ ▬▬▬ ▬▬▬▬ ▬▬ ▬▬▬▬▬ ▬▬▬ ▬▬▬▬ ▬▬ ▬▬▬▬▬ ▬▬▬ ▬▬▬▬ ▬▬ ▬▬▬▬▬ ▬▬▬ ▬▬▬▬ ▬▬ ▬▬▬▬▬ ▬▬▬ ▬▬▬▬ ▬▬ ▬▬▬▬▬ ▬▬▬ ▬▬▬▬ ▬▬ ▬▬▬▬▬ ▬▬▬ ▬▬▬▬ ▬▬ ▬▬▬▬▬ ▬▬▬ ▬▬▬▬ ▬▬ ▬▬▬▬▬ ▬▬▬ ▬▬▬▬ ▬▬ ▬▬▬▬▬ ▬▬▬ ▬▬▬▬ ▬▬ ▬▬▬▬▬ ▬▬▬ ▬▬▬▬ ▬▬ ▬▬▬▬▬ ▬▬▬ ▬▬▬▬ ▬▬ ▬▬▬▬▬ ▬▬▬ ▬▬▬▬ ▬▬ ▬▬▬▬▬ ▬▬▬ ▬▬▬▬ ▬▬ ▬▬▬▬▬ ▬▬▬ ▬▬▬▬ ▬▬ ▬▬▬▬▬ ▬▬▬ ▬▬▬▬ ▬▬ ▬▬▬▬▬ ▬▬▬ ▬▬▬▬ ▬▬ ▬▬▬▬▬ ▬▬▬ ▬▬▬▬ ▬▬ ▬▬▬▬▬ ▬▬▬ ▬▬▬▬ ▬▬ ▬▬▬▬▬ ▬▬▬ ▬▬▬▬ ▬▬ ▬▬▬▬▬ ▬▬▬ ▬▬▬▬ ▬▬ ▬▬▬▬▬ ▬▬▬ ▬▬▬▬ ▬▬ ▬▬▬▬▬ ▬▬▬ ▬▬▬▬ ▬▬ ▬▬▬▬▬
इंदौरवासियों को मिली एक और ट्रेन की सौगात
इंदौर से श्रीगंगानगर के बीच सीधी रेल सेवा
रेलवे ने टिकट की बुकिंग शुरू कर दी है
इंदौर। राज न्यूज नेटवर्क
▬▬▬ ▬▬▬▬ ▬▬ ▬▬▬▬▬ ▬▬▬ ▬▬▬▬ ▬▬ ▬▬▬▬▬ ▬▬▬ ▬▬▬▬ ▬▬ ▬▬▬▬▬ ▬▬▬ ▬▬▬▬ ▬▬ ▬▬▬▬▬ ▬▬▬ ▬▬▬▬ ▬▬ ▬▬▬▬▬ ▬▬▬ ▬▬▬▬ ▬▬ ▬▬▬▬▬ ▬▬▬ ▬▬▬▬ ▬▬ ▬▬▬▬▬ ▬▬▬ ▬▬▬▬ ▬▬ ▬▬▬▬▬ ▬▬▬ ▬▬▬▬ ▬▬ ▬▬▬▬▬ ▬▬▬ ▬▬▬▬ ▬▬ ▬▬▬▬▬ ▬▬▬ ▬▬▬▬ ▬▬ ▬▬▬▬▬ ▬▬▬ ▬▬▬▬ ▬▬ ▬▬▬▬▬ ▬▬▬ ▬▬▬▬ ▬▬ ▬▬▬▬▬ ▬▬▬ ▬▬▬▬ ▬▬ ▬▬▬▬▬ ▬▬▬ ▬▬▬▬ ▬▬ ▬▬▬▬▬ ▬▬▬ ▬▬▬▬ ▬▬ ▬▬▬▬▬ ▬▬▬ ▬▬▬▬ ▬▬ ▬▬▬▬▬ ▬▬▬ ▬▬▬▬ ▬▬ ▬▬▬▬▬ ▬▬▬ ▬▬▬▬ ▬▬ ▬▬▬▬▬ ▬▬▬ ▬▬▬▬ ▬▬ ▬▬▬▬▬ ▬▬▬ ▬▬▬▬ ▬▬ ▬▬▬▬▬ ▬▬▬ ▬▬▬▬ ▬▬ ▬▬▬▬▬ ▬▬▬ ▬▬▬▬ ▬▬ ▬▬▬▬▬ ▬▬▬ ▬▬▬▬ ▬▬ ▬▬▬▬▬ ▬▬▬ ▬▬▬▬ ▬▬ ▬▬▬▬▬ ▬▬▬ ▬▬▬▬ ▬▬ ▬▬▬▬▬ ▬▬▬ ▬▬▬▬ ▬▬ ▬▬▬▬▬ ▬▬▬ ▬▬▬▬ ▬▬ ▬▬▬▬▬
▬▬▬ ▬▬▬▬ ▬▬ ▬▬▬▬▬ ▬▬▬ ▬▬▬▬ ▬▬ ▬▬▬▬▬ ▬▬▬ ▬▬▬▬ ▬▬ ▬▬▬▬▬ ▬▬▬ ▬▬▬▬ ▬▬ ▬▬▬▬▬ ▬▬▬ ▬▬▬▬ ▬▬ ▬▬▬▬▬ ▬▬▬ ▬▬▬▬ ▬▬ ▬▬▬▬▬ ▬▬▬ ▬▬▬▬ ▬▬ ▬▬▬▬▬ ▬▬▬ ▬▬▬▬ ▬▬ ▬▬▬▬▬ ▬▬▬ ▬▬▬▬ ▬▬ ▬▬▬▬▬ ▬▬▬ ▬▬▬▬ ▬▬ ▬▬▬▬▬ ▬▬▬ ▬▬▬▬ ▬▬ ▬▬▬▬▬ ▬▬▬ ▬▬▬▬ ▬▬ ▬▬▬▬▬ ▬▬▬ ▬▬▬▬ ▬▬ ▬▬▬▬▬ ▬▬▬ ▬▬▬▬ ▬▬ ▬▬▬▬▬ ▬▬▬ ▬▬▬▬ ▬▬ ▬▬▬▬▬ ▬▬▬ ▬▬▬▬ ▬▬ ▬▬▬▬▬ ▬▬▬ ▬▬▬▬ ▬▬ ▬▬▬▬▬ ▬▬▬ ▬▬▬▬ ▬▬ ▬▬▬▬▬ ▬▬▬ ▬▬▬▬ ▬▬ ▬▬▬▬▬ ▬▬▬ ▬▬▬▬ ▬▬ ▬▬▬▬▬ ▬▬▬ ▬▬▬▬ ▬▬ ▬▬▬▬▬ ▬▬▬ ▬▬▬▬ ▬▬ ▬▬▬▬▬ ▬▬▬ ▬▬▬▬ ▬▬ ▬▬▬▬▬ ▬▬▬ ▬▬▬▬ ▬▬ ▬▬▬▬▬ ▬▬▬ ▬▬▬▬ ▬▬ ▬▬▬▬▬ ▬▬▬ ▬▬▬▬ ▬▬ ▬▬▬▬▬ ▬▬▬ ▬▬▬▬ ▬▬ ▬▬▬▬▬ ▬▬▬ ▬▬▬▬ ▬▬ ▬▬▬▬▬ ▬▬▬ ▬▬▬▬ ▬▬ ▬▬▬▬▬ ▬▬▬ ▬▬▬▬ ▬▬ ▬▬▬▬▬ ▬▬▬ ▬▬▬▬ ▬▬ ▬▬▬▬▬ ▬▬▬ ▬▬▬▬ ▬▬ ▬▬▬▬▬
यह होगा शेड्यूल
▬▬▬ ▬▬▬▬ ▬▬ ▬▬▬▬▬ ▬▬▬ ▬▬▬▬ ▬▬ ▬▬▬▬▬ ▬▬▬ ▬▬▬▬ ▬▬ ▬▬▬▬▬ ▬▬▬ ▬▬▬▬ ▬▬ ▬▬▬▬▬ ▬▬▬ ▬▬▬▬ ▬▬ ▬▬▬▬▬ ▬▬▬ ▬▬▬▬ ▬▬ ▬▬▬▬▬ ▬▬▬ ▬▬▬▬ ▬▬ ▬▬▬▬▬ ▬▬▬ ▬▬▬▬ ▬▬ ▬▬▬▬▬ ▬▬▬ ▬▬▬▬ ▬▬ ▬▬▬▬▬ ▬▬▬ ▬▬▬▬ ▬▬ ▬▬▬▬▬ ▬▬▬ ▬▬▬▬ ▬▬ ▬▬▬▬▬ ▬▬▬ ▬▬▬▬ ▬▬ ▬▬▬▬▬ ▬▬▬ ▬▬▬▬ ▬▬ ▬▬▬▬▬ ▬▬▬ ▬▬▬▬ ▬▬ ▬▬▬▬▬ ▬▬▬ ▬▬▬▬ ▬▬ ▬▬▬▬▬ ▬▬▬ ▬▬▬▬ ▬▬ ▬▬▬▬▬ ▬▬▬ ▬▬▬▬ ▬▬ ▬▬▬▬▬ ▬▬▬ ▬▬▬▬ ▬▬ ▬▬▬▬▬ ▬▬▬ ▬▬▬▬ ▬▬ ▬▬▬▬▬ ▬▬▬ ▬▬▬▬ ▬▬ ▬▬▬▬▬ ▬▬▬ ▬▬▬▬ ▬▬ ▬▬▬▬▬ ▬▬▬ ▬▬▬▬ ▬▬ ▬▬▬▬▬ ▬▬▬ ▬▬▬▬ ▬▬ ▬▬▬▬▬ ▬▬▬ ▬▬▬▬ ▬▬ ▬▬▬▬▬ ▬▬▬ ▬▬▬▬ ▬▬ ▬▬▬▬▬
50 कलाकारों की टीम करेगी जीवंत मंचन	'युगप्रवर्तक डॉ. हेडगेवार' नाटक का मंचन 27 से
आरएसएस शताब्दी वर्ष पर विशेष प्रस्तुति होगी
इंदौर। राज न्यूज नेटवर्क
▬▬▬ ▬▬▬▬ ▬▬ ▬▬▬▬▬ ▬▬▬ ▬▬▬▬ ▬▬ ▬▬▬▬▬ ▬▬▬ ▬▬▬▬ ▬▬ ▬▬▬▬▬ ▬▬▬ ▬▬▬▬ ▬▬ ▬▬▬▬▬ ▬▬▬ ▬▬▬▬ ▬▬ ▬▬▬▬▬ ▬▬▬ ▬▬▬▬ ▬▬ ▬▬▬▬▬ ▬▬▬ ▬▬▬▬ ▬▬ ▬▬▬▬▬ ▬▬▬ ▬▬▬▬ ▬▬ ▬▬▬▬▬ ▬▬▬ ▬▬▬▬ ▬▬ ▬▬▬▬▬ ▬▬▬ ▬▬▬▬ ▬▬ ▬▬▬▬▬ ▬▬▬ ▬▬▬▬ ▬▬ ▬▬▬▬▬ ▬▬▬ ▬▬▬▬ ▬▬ ▬▬▬▬▬ ▬▬▬ ▬▬▬▬ ▬▬ ▬▬▬▬▬ ▬▬▬ ▬▬▬▬ ▬▬ ▬▬▬▬▬ ▬▬▬ ▬▬▬▬ ▬▬ ▬▬▬▬▬ ▬▬▬ ▬▬▬▬ ▬▬ ▬▬▬▬▬ ▬▬▬ ▬▬▬▬ ▬▬ ▬▬▬▬▬ ▬▬▬ ▬▬▬▬ ▬▬ ▬▬▬▬▬ ▬▬▬ ▬▬▬▬ ▬▬ ▬▬▬▬▬ ▬▬▬ ▬▬▬▬ ▬▬ ▬▬▬▬▬ ▬▬▬ ▬▬▬▬ ▬▬ ▬▬▬▬▬ ▬▬▬ ▬▬▬▬ ▬▬ ▬▬▬▬▬ ▬▬▬ ▬▬▬▬ ▬▬ ▬▬▬▬▬ ▬▬▬ ▬▬▬▬ ▬▬ ▬▬▬▬▬ ▬▬▬ ▬▬▬▬ ▬▬ ▬▬▬▬▬ ▬▬▬ ▬▬▬▬ ▬▬ ▬▬▬▬▬ ▬▬▬ ▬▬▬▬ ▬▬ ▬▬▬▬▬ ▬▬▬ ▬▬▬▬ ▬▬ ▬▬▬▬▬ ▬▬▬ ▬▬▬▬ ▬▬ ▬▬▬▬▬ ▬▬▬ ▬▬▬▬ ▬▬ ▬▬▬▬▬ ▬▬▬ ▬▬▬▬ ▬▬ ▬▬▬▬▬ ▬▬▬ ▬▬▬▬ ▬▬ ▬▬▬▬▬ ▬▬▬ ▬▬▬▬ ▬▬ ▬▬▬▬▬ ▬▬▬ ▬▬▬▬ ▬▬ ▬▬▬▬▬ ▬▬▬ ▬▬▬▬ ▬▬ ▬▬▬▬▬ ▬▬▬ ▬▬▬▬ ▬▬ ▬▬▬▬▬ ▬▬▬ ▬▬▬▬ ▬▬ ▬▬▬▬▬ ▬▬▬ ▬▬▬▬ ▬▬ ▬▬▬▬▬ ▬▬▬ ▬▬▬▬ ▬▬ ▬▬▬▬▬ ▬▬▬ ▬▬▬▬ ▬▬ ▬▬▬▬▬ ▬▬▬ ▬▬▬▬ ▬▬ ▬▬▬▬▬ ▬▬▬ ▬▬▬▬ ▬▬ ▬▬▬▬▬ ▬▬▬ ▬▬▬▬ ▬▬ ▬▬▬▬▬ ▬▬▬ ▬▬▬▬ ▬▬ ▬▬▬▬▬ ▬▬▬ ▬▬▬▬ ▬▬ ▬▬▬▬▬ ▬▬▬ ▬▬▬▬ ▬▬ ▬▬▬▬▬ ▬▬▬ ▬▬▬▬ ▬▬ ▬▬▬▬▬ ▬▬▬ ▬▬▬▬ ▬▬ ▬▬▬▬▬ ▬▬▬ ▬▬▬▬ ▬▬ ▬▬▬▬▬ ▬▬▬ ▬▬▬▬ ▬▬ ▬▬▬▬▬
